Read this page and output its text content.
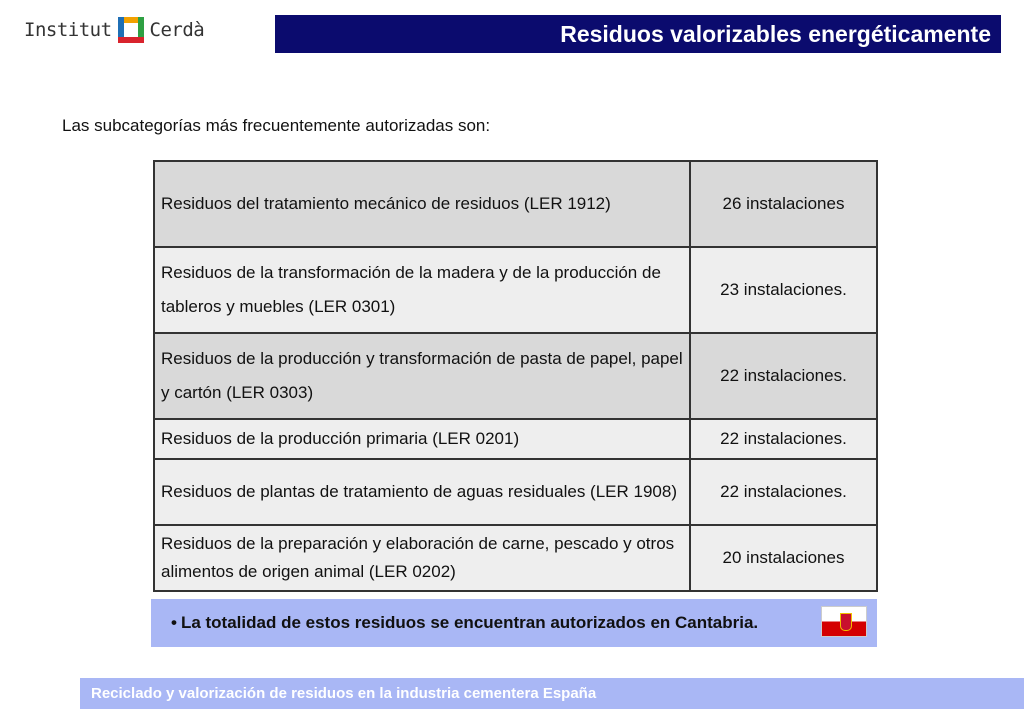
Institut Cerdà	Residuos valorizables energéticamente
Las subcategorías más frecuentemente autorizadas son:
Residuos del tratamiento mecánico de residuos (LER 1912)	26 instalaciones
Residuos de la transformación de la madera y de la producción de tableros y muebles (LER 0301)	23 instalaciones.
Residuos de la producción y transformación de pasta de papel, papel y cartón (LER 0303)	22 instalaciones.
Residuos de la producción primaria (LER 0201)	22 instalaciones.
Residuos de plantas de tratamiento de aguas residuales (LER 1908)	22 instalaciones.
Residuos de la preparación y elaboración de carne, pescado y otros alimentos de origen animal (LER 0202)	20 instalaciones
• La totalidad de estos residuos se encuentran autorizados en Cantabria.
Reciclado y valorización de residuos en la industria cementera España
